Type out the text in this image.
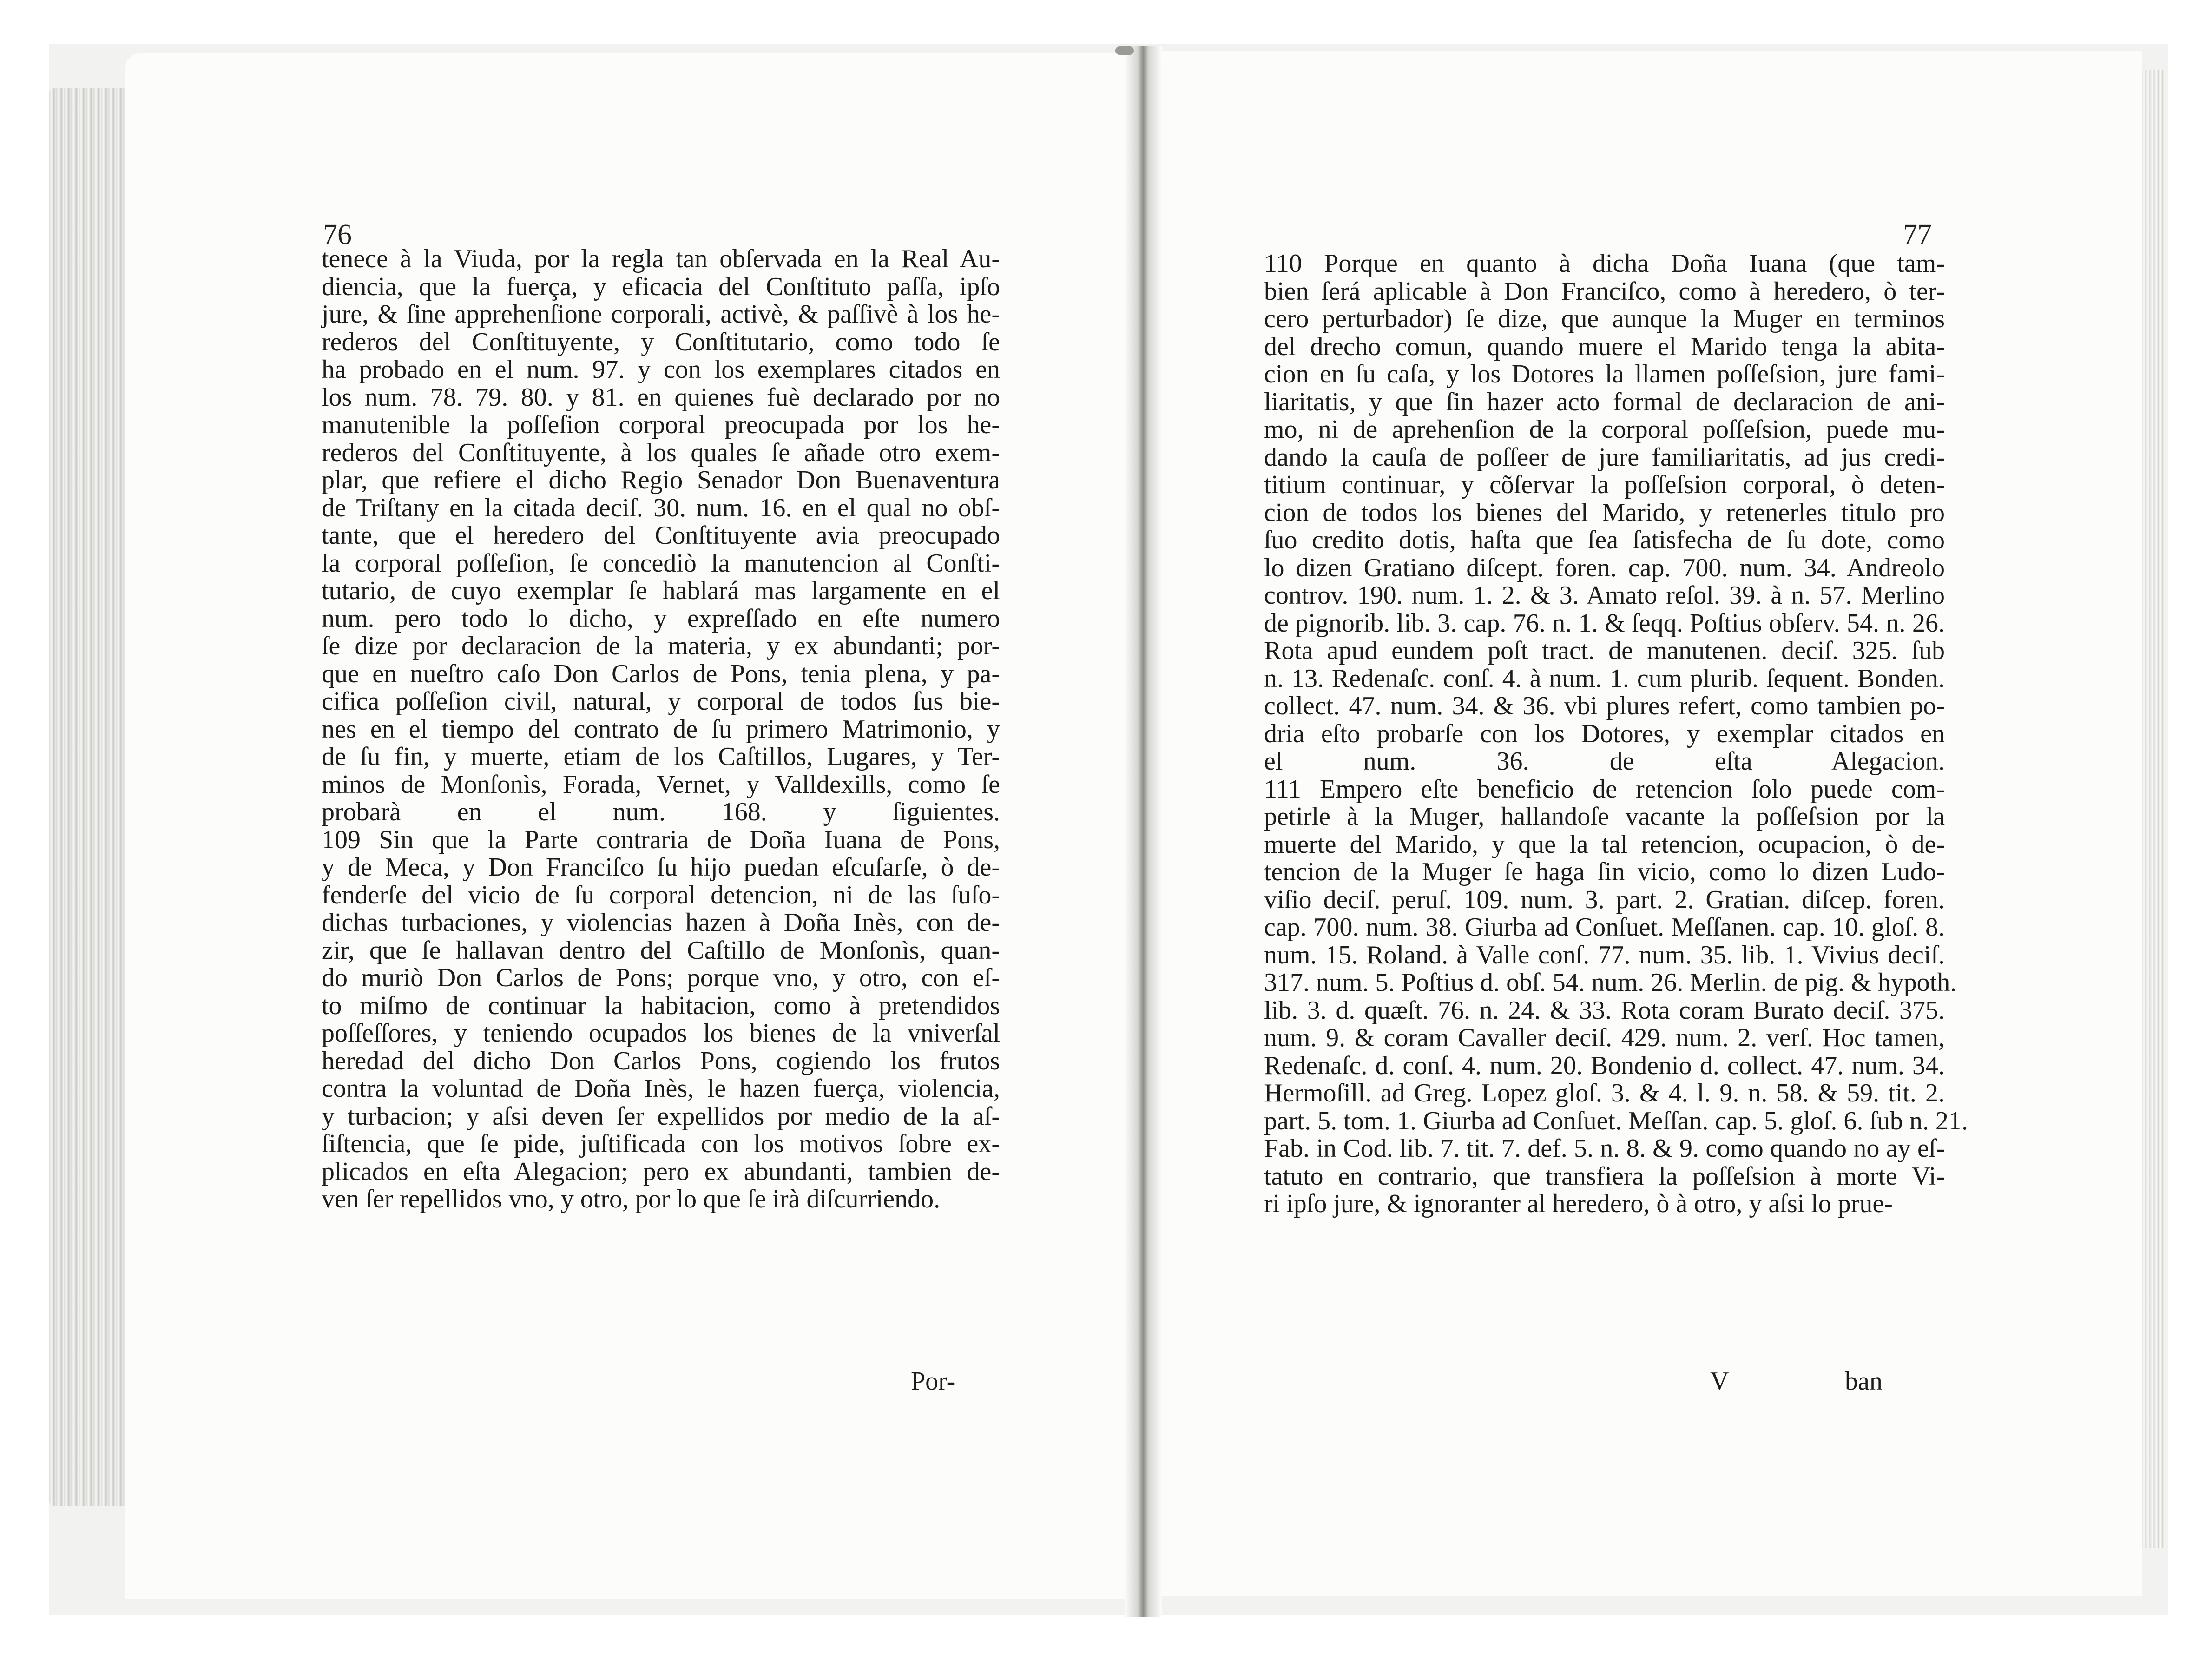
76	77
tenece à la Viuda, por la regla tan obſervada en la Real Au-
diencia, que la fuerça, y eficacia del Conſtituto paſſa, ipſo
jure, & ſine apprehenſione corporali, activè, & paſſivè à los he-
rederos del Conſtituyente, y Conſtitutario, como todo ſe
ha probado en el num. 97. y con los exemplares citados en
los num. 78. 79. 80. y 81. en quienes fuè declarado por no
manutenible la poſſeſion corporal preocupada por los he-
rederos del Conſtituyente, à los quales ſe añade otro exem-
plar, que refiere el dicho Regio Senador Don Buenaventura
de Triſtany en la citada deciſ. 30. num. 16. en el qual no obſ-
tante, que el heredero del Conſtituyente avia preocupado
la corporal poſſeſion, ſe concediò la manutencion al Conſti-
tutario, de cuyo exemplar ſe hablará mas largamente en el
num. pero todo lo dicho, y expreſſado en eſte numero
ſe dize por declaracion de la materia, y ex abundanti; por-
que en nueſtro caſo Don Carlos de Pons, tenia plena, y pa-
cifica poſſeſion civil, natural, y corporal de todos ſus bie-
nes en el tiempo del contrato de ſu primero Matrimonio, y
de ſu fin, y muerte, etiam de los Caſtillos, Lugares, y Ter-
minos de Monſonìs, Forada, Vernet, y Valldexills, como ſe
probarà en el num. 168. y ſiguientes.
109 Sin que la Parte contraria de Doña Iuana de Pons,
y de Meca, y Don Franciſco ſu hijo puedan eſcuſarſe, ò de-
fenderſe del vicio de ſu corporal detencion, ni de las ſuſo-
dichas turbaciones, y violencias hazen à Doña Inès, con de-
zir, que ſe hallavan dentro del Caſtillo de Monſonìs, quan-
do muriò Don Carlos de Pons; porque vno, y otro, con eſ-
to miſmo de continuar la habitacion, como à pretendidos
poſſeſſores, y teniendo ocupados los bienes de la vniverſal
heredad del dicho Don Carlos Pons, cogiendo los frutos
contra la voluntad de Doña Inès, le hazen fuerça, violencia,
y turbacion; y aſsi deven ſer expellidos por medio de la aſ-
ſiſtencia, que ſe pide, juſtificada con los motivos ſobre ex-
plicados en eſta Alegacion; pero ex abundanti, tambien de-
ven ſer repellidos vno, y otro, por lo que ſe irà diſcurriendo.
110 Porque en quanto à dicha Doña Iuana (que tam-
bien ſerá aplicable à Don Franciſco, como à heredero, ò ter-
cero perturbador) ſe dize, que aunque la Muger en terminos
del drecho comun, quando muere el Marido tenga la abita-
cion en ſu caſa, y los Dotores la llamen poſſeſsion, jure fami-
liaritatis, y que ſin hazer acto formal de declaracion de ani-
mo, ni de aprehenſion de la corporal poſſeſsion, puede mu-
dando la cauſa de poſſeer de jure familiaritatis, ad jus credi-
titium continuar, y cõſervar la poſſeſsion corporal, ò deten-
cion de todos los bienes del Marido, y retenerles titulo pro
ſuo credito dotis, haſta que ſea ſatisfecha de ſu dote, como
lo dizen Gratiano diſcept. foren. cap. 700. num. 34. Andreolo
controv. 190. num. 1. 2. & 3. Amato reſol. 39. à n. 57. Merlino
de pignorib. lib. 3. cap. 76. n. 1. & ſeqq. Poſtius obſerv. 54. n. 26.
Rota apud eundem poſt tract. de manutenen. deciſ. 325. ſub
n. 13. Redenaſc. conſ. 4. à num. 1. cum plurib. ſequent. Bonden.
collect. 47. num. 34. & 36. vbi plures refert, como tambien po-
dria eſto probarſe con los Dotores, y exemplar citados en
el num. 36. de eſta Alegacion.
111 Empero eſte beneficio de retencion ſolo puede com-
petirle à la Muger, hallandoſe vacante la poſſeſsion por la
muerte del Marido, y que la tal retencion, ocupacion, ò de-
tencion de la Muger ſe haga ſin vicio, como lo dizen Ludo-
viſio deciſ. peruſ. 109. num. 3. part. 2. Gratian. diſcep. foren.
cap. 700. num. 38. Giurba ad Conſuet. Meſſanen. cap. 10. gloſ. 8.
num. 15. Roland. à Valle conſ. 77. num. 35. lib. 1. Vivius deciſ.
317. num. 5. Poſtius d. obſ. 54. num. 26. Merlin. de pig. & hypoth.
lib. 3. d. quæſt. 76. n. 24. & 33. Rota coram Burato deciſ. 375.
num. 9. & coram Cavaller deciſ. 429. num. 2. verſ. Hoc tamen,
Redenaſc. d. conſ. 4. num. 20. Bondenio d. collect. 47. num. 34.
Hermoſill. ad Greg. Lopez gloſ. 3. & 4. l. 9. n. 58. & 59. tit. 2.
part. 5. tom. 1. Giurba ad Conſuet. Meſſan. cap. 5. gloſ. 6. ſub n. 21.
Fab. in Cod. lib. 7. tit. 7. def. 5. n. 8. & 9. como quando no ay eſ-
tatuto en contrario, que transfiera la poſſeſsion à morte Vi-
ri ipſo jure, & ignoranter al heredero, ò à otro, y aſsi lo prue-
Por-	V	ban
